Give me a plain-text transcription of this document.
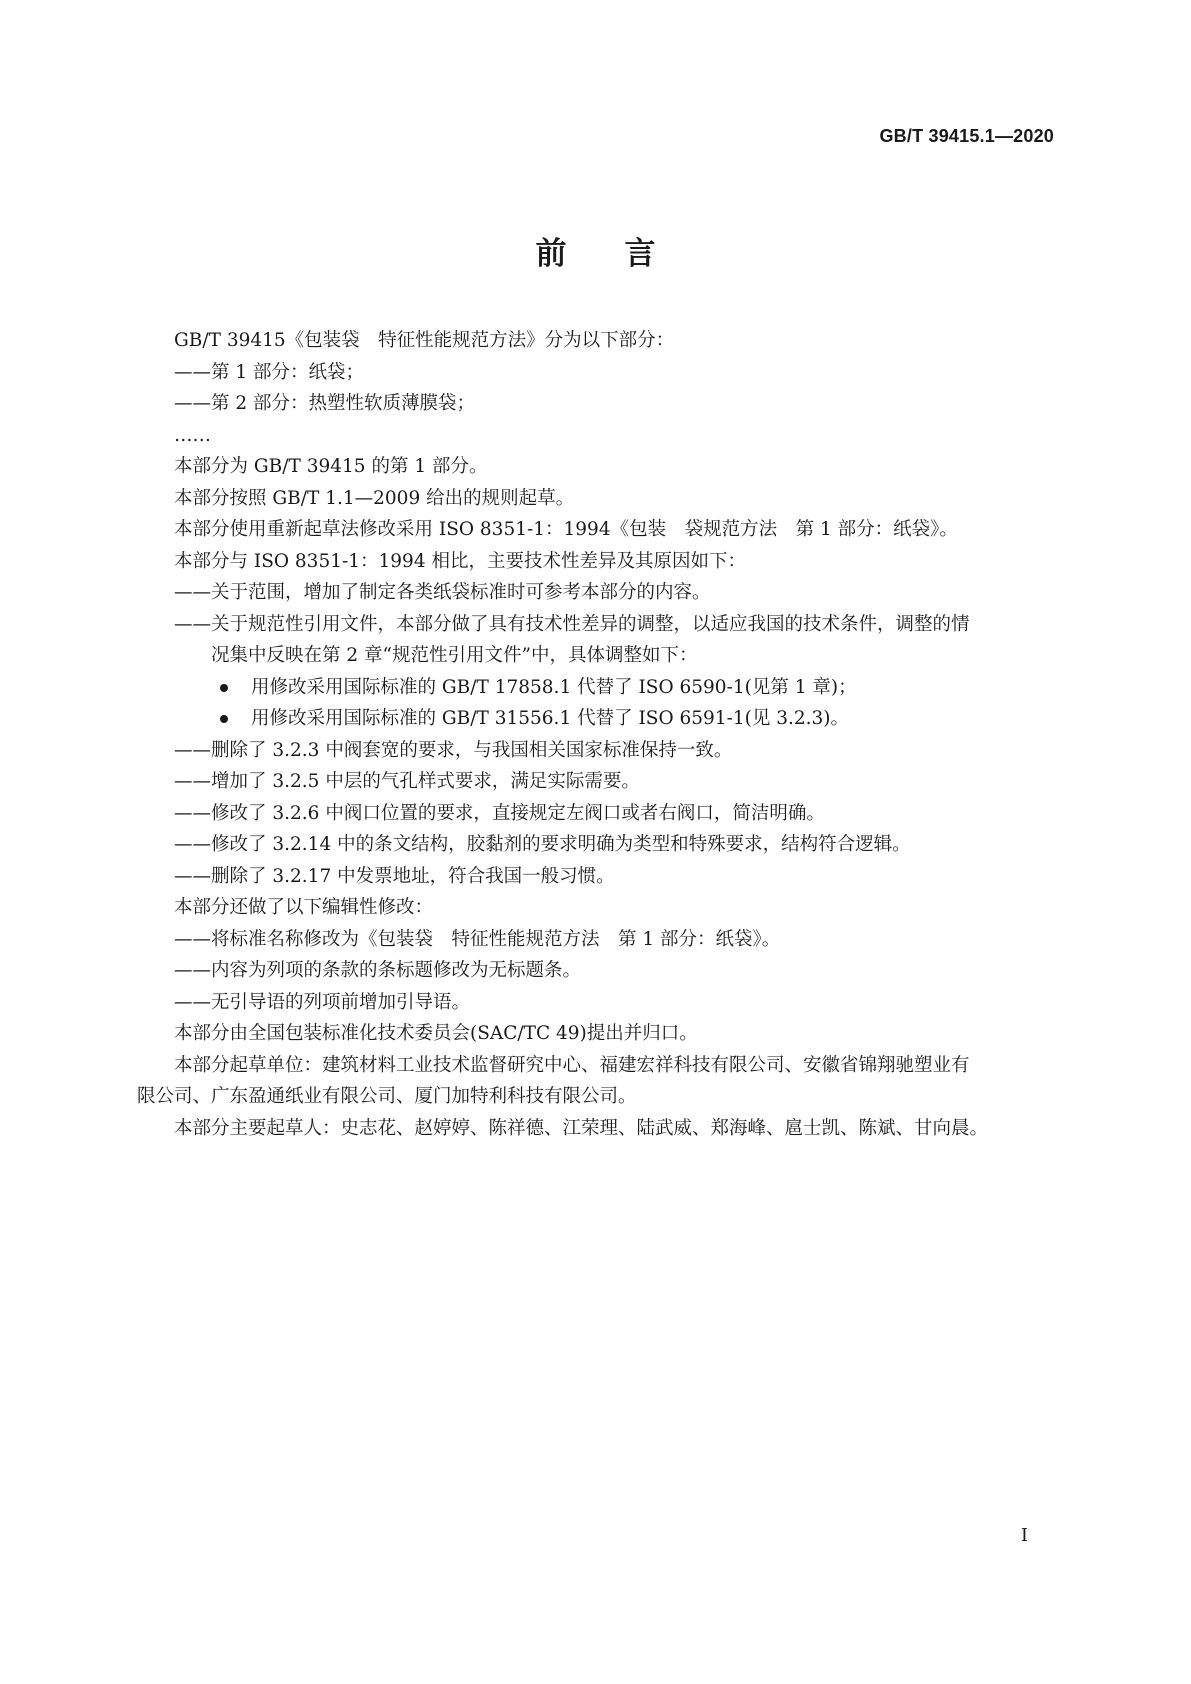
GB/T 39415.1—2020
前 言
GB/T 39415《包装袋　特征性能规范方法》分为以下部分：
——第 1 部分：纸袋；
——第 2 部分：热塑性软质薄膜袋；
……
本部分为 GB/T 39415 的第 1 部分。
本部分按照 GB/T 1.1—2009 给出的规则起草。
本部分使用重新起草法修改采用 ISO 8351-1：1994《包装　袋规范方法　第 1 部分：纸袋》。
本部分与 ISO 8351-1：1994 相比，主要技术性差异及其原因如下：
——关于范围，增加了制定各类纸袋标准时可参考本部分的内容。
——关于规范性引用文件，本部分做了具有技术性差异的调整，以适应我国的技术条件，调整的情
况集中反映在第 2 章“规范性引用文件”中，具体调整如下：
用修改采用国际标准的 GB/T 17858.1 代替了 ISO 6590-1(见第 1 章)；
用修改采用国际标准的 GB/T 31556.1 代替了 ISO 6591-1(见 3.2.3)。
——删除了 3.2.3 中阀套宽的要求，与我国相关国家标准保持一致。
——增加了 3.2.5 中层的气孔样式要求，满足实际需要。
——修改了 3.2.6 中阀口位置的要求，直接规定左阀口或者右阀口，简洁明确。
——修改了 3.2.14 中的条文结构，胶黏剂的要求明确为类型和特殊要求，结构符合逻辑。
——删除了 3.2.17 中发票地址，符合我国一般习惯。
本部分还做了以下编辑性修改：
——将标准名称修改为《包装袋　特征性能规范方法　第 1 部分：纸袋》。
——内容为列项的条款的条标题修改为无标题条。
——无引导语的列项前增加引导语。
本部分由全国包装标准化技术委员会(SAC/TC 49)提出并归口。
本部分起草单位：建筑材料工业技术监督研究中心、福建宏祥科技有限公司、安徽省锦翔驰塑业有
限公司、广东盈通纸业有限公司、厦门加特利科技有限公司。
本部分主要起草人：史志花、赵婷婷、陈祥德、江荣理、陆武威、郑海峰、扈士凯、陈斌、甘向晨。
I
